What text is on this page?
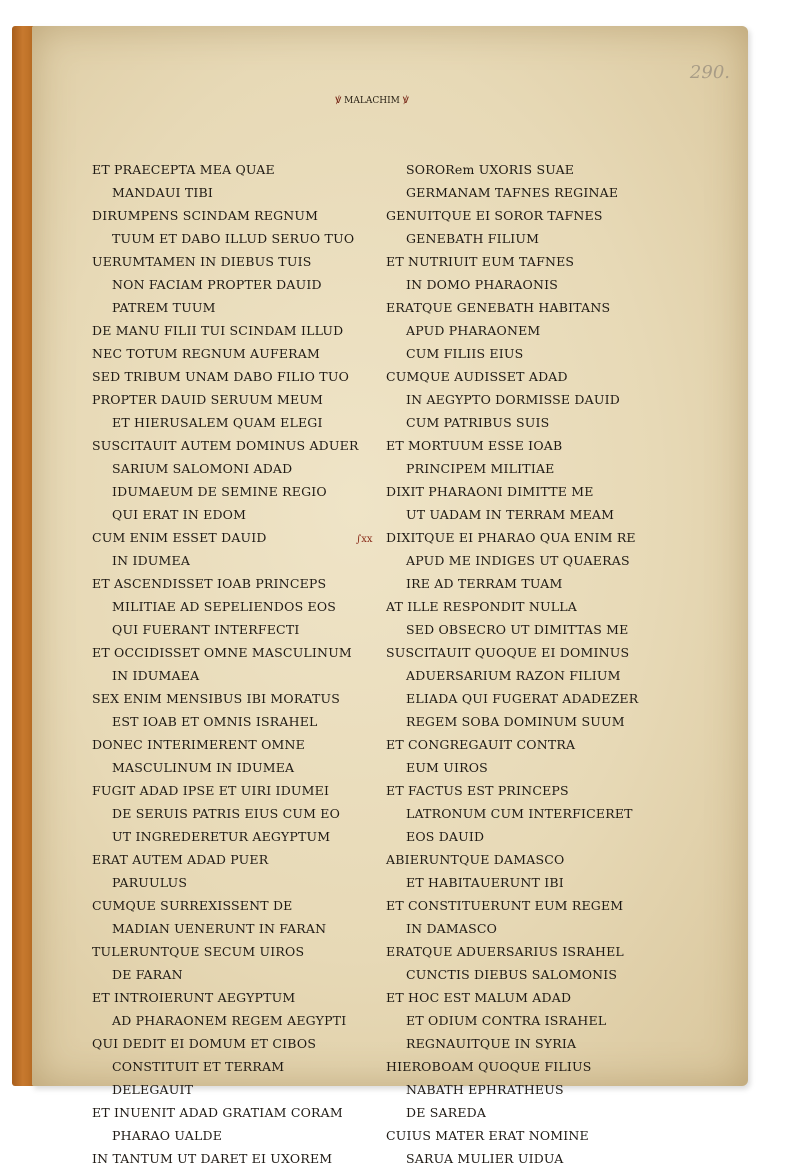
290.
ꝟ MALACHIM ꝟ
∫xx
ET PRAECEPTA MEA QUAE
MANDAUI TIBI
DIRUMPENS SCINDAM REGNUM
TUUM ET DABO ILLUD SERUO TUO
UERUMTAMEN IN DIEBUS TUIS
NON FACIAM PROPTER DAUID
PATREM TUUM
DE MANU FILII TUI SCINDAM ILLUD
NEC TOTUM REGNUM AUFERAM
SED TRIBUM UNAM DABO FILIO TUO
PROPTER DAUID SERUUM MEUM
ET HIERUSALEM QUAM ELEGI
SUSCITAUIT AUTEM DOMINUS ADUER
SARIUM SALOMONI ADAD
IDUMAEUM DE SEMINE REGIO
QUI ERAT IN EDOM
CUM ENIM ESSET DAUID
IN IDUMEA
ET ASCENDISSET IOAB PRINCEPS
MILITIAE AD SEPELIENDOS EOS
QUI FUERANT INTERFECTI
ET OCCIDISSET OMNE MASCULINUM
IN IDUMAEA
SEX ENIM MENSIBUS IBI MORATUS
EST IOAB ET OMNIS ISRAHEL
DONEC INTERIMERENT OMNE
MASCULINUM IN IDUMEA
FUGIT ADAD IPSE ET UIRI IDUMEI
DE SERUIS PATRIS EIUS CUM EO
UT INGREDERETUR AEGYPTUM
ERAT AUTEM ADAD PUER
PARUULUS
CUMQUE SURREXISSENT DE
MADIAN UENERUNT IN FARAN
TULERUNTQUE SECUM UIROS
DE FARAN
ET INTROIERUNT AEGYPTUM
AD PHARAONEM REGEM AEGYPTI
QUI DEDIT EI DOMUM ET CIBOS
CONSTITUIT ET TERRAM
DELEGAUIT
ET INUENIT ADAD GRATIAM CORAM
PHARAO UALDE
IN TANTUM UT DARET EI UXOREM
SORORem UXORIS SUAE
GERMANAM TAFNES REGINAE
GENUITQUE EI SOROR TAFNES
GENEBATH FILIUM
ET NUTRIUIT EUM TAFNES
IN DOMO PHARAONIS
ERATQUE GENEBATH HABITANS
APUD PHARAONEM
CUM FILIIS EIUS
CUMQUE AUDISSET ADAD
IN AEGYPTO DORMISSE DAUID
CUM PATRIBUS SUIS
ET MORTUUM ESSE IOAB
PRINCIPEM MILITIAE
DIXIT PHARAONI DIMITTE ME
UT UADAM IN TERRAM MEAM
DIXITQUE EI PHARAO QUA ENIM RE
APUD ME INDIGES UT QUAERAS
IRE AD TERRAM TUAM
AT ILLE RESPONDIT NULLA
SED OBSECRO UT DIMITTAS ME
SUSCITAUIT QUOQUE EI DOMINUS
ADUERSARIUM RAZON FILIUM
ELIADA QUI FUGERAT ADADEZER
REGEM SOBA DOMINUM SUUM
ET CONGREGAUIT CONTRA
EUM UIROS
ET FACTUS EST PRINCEPS
LATRONUM CUM INTERFICERET
EOS DAUID
ABIERUNTQUE DAMASCO
ET HABITAUERUNT IBI
ET CONSTITUERUNT EUM REGEM
IN DAMASCO
ERATQUE ADUERSARIUS ISRAHEL
CUNCTIS DIEBUS SALOMONIS
ET HOC EST MALUM ADAD
ET ODIUM CONTRA ISRAHEL
REGNAUITQUE IN SYRIA
HIEROBOAM QUOQUE FILIUS
NABATH EPHRATHEUS
DE SAREDA
CUIUS MATER ERAT NOMINE
SARUA MULIER UIDUA
